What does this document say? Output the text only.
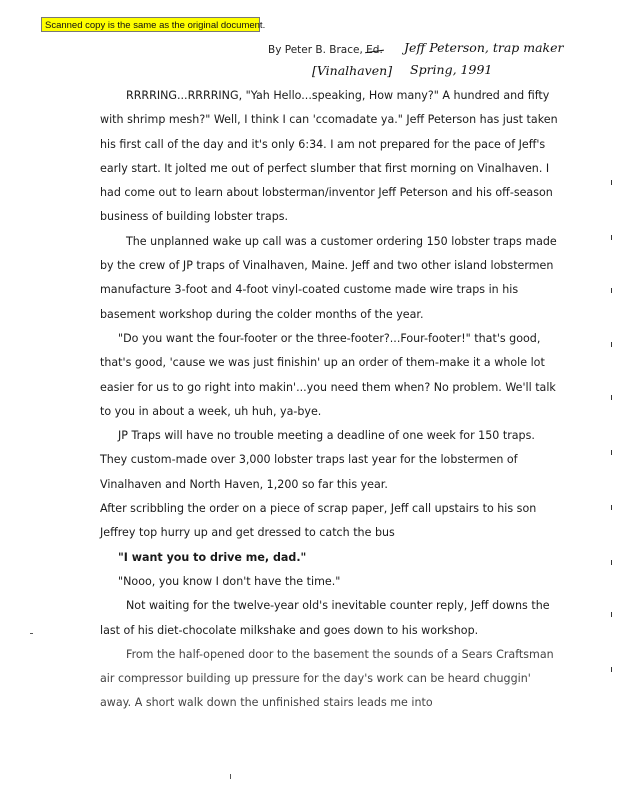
Scanned copy is the same as the original document.
By Peter B. Brace, Ed. Jeff Peterson, trap maker
[Vinalhaven] Spring, 1991

RRRRING...RRRRING, "Yah Hello...speaking, How many?" A hundred and fifty with shrimp mesh?" Well, I think I can 'ccomadate ya." Jeff Peterson has just taken his first call of the day and it's only 6:34. I am not prepared for the pace of Jeff's early start. It jolted me out of perfect slumber that first morning on Vinalhaven. I had come out to learn about lobsterman/inventor Jeff Peterson and his off-season business of building lobster traps.

The unplanned wake up call was a customer ordering 150 lobster traps made by the crew of JP traps of Vinalhaven, Maine. Jeff and two other island lobstermen manufacture 3-foot and 4-foot vinyl-coated custome made wire traps in his basement workshop during the colder months of the year.

"Do you want the four-footer or the three-footer?...Four-footer!" that's good, that's good, 'cause we was just finishin' up an order of them-make it a whole lot easier for us to go right into makin'...you need them when? No problem. We'll talk to you in about a week, uh huh, ya-bye.

JP Traps will have no trouble meeting a deadline of one week for 150 traps. They custom-made over 3,000 lobster traps last year for the lobstermen of Vinalhaven and North Haven, 1,200 so far this year.

After scribbling the order on a piece of scrap paper, Jeff call upstairs to his son Jeffrey top hurry up and get dressed to catch the bus

"I want you to drive me, dad."

"Nooo, you know I don't have the time."

Not waiting for the twelve-year old's inevitable counter reply, Jeff downs the last of his diet-chocolate milkshake and goes down to his workshop.

From the half-opened door to the basement the sounds of a Sears Craftsman air compressor building up pressure for the day's work can be heard chuggin' away. A short walk down the unfinished stairs leads me into
